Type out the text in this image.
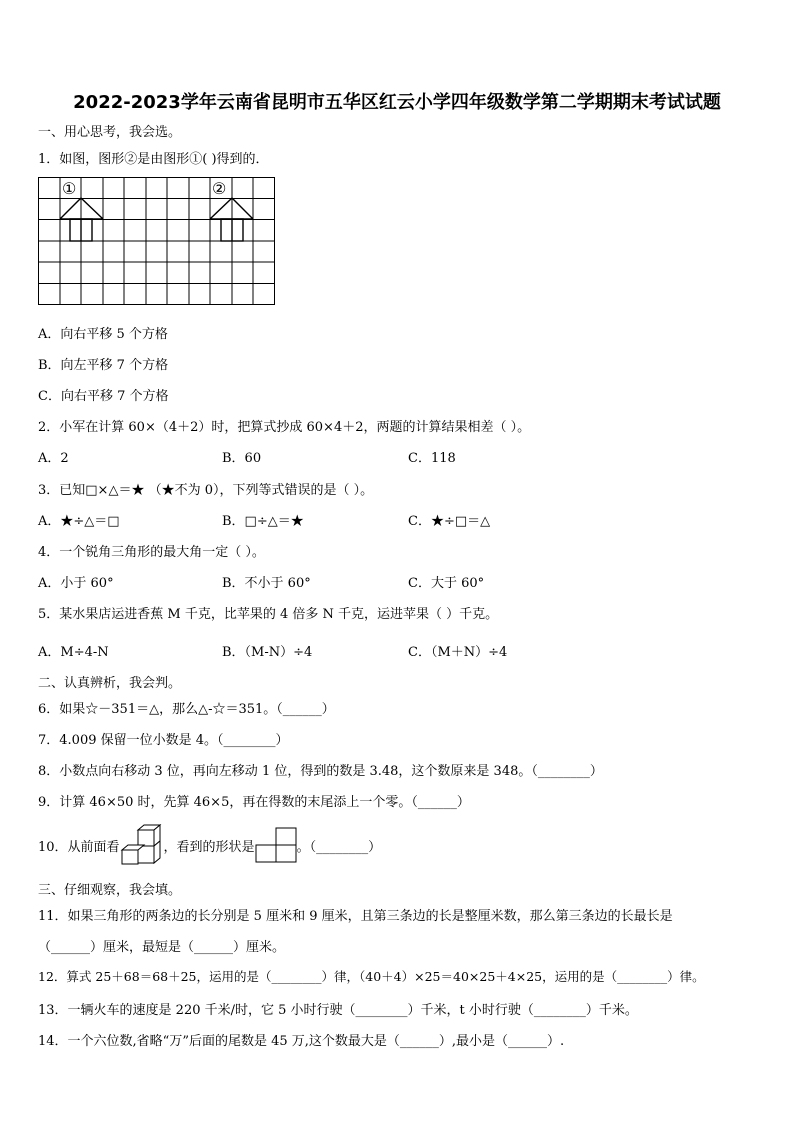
2022-2023学年云南省昆明市五华区红云小学四年级数学第二学期期末考试试题
一、用心思考，我会选。
1．如图，图形②是由图形①( )得到的．
①	②
A．向右平移 5 个方格
B．向左平移 7 个方格
C．向右平移 7 个方格
2．小军在计算 60×（4＋2）时，把算式抄成 60×4＋2，两题的计算结果相差（ ）。
A．2	B．60	C．118
3．已知□×△＝★ （★不为 0），下列等式错误的是（ ）。
A．★÷△＝□	B．□÷△＝★	C．★÷□＝△
4．一个锐角三角形的最大角一定（ ）。
A．小于 60°	B．不小于 60°	C．大于 60°
5．某水果店运进香蕉 M 千克，比苹果的 4 倍多 N 千克，运进苹果（ ）千克。
A．M÷4-N	B．（M-N）÷4	C．（M＋N）÷4
二、认真辨析，我会判。
6．如果☆－351＝△，那么△-☆＝351。（______）
7．4.009 保留一位小数是 4。（________）
8．小数点向右移动 3 位，再向左移动 1 位，得到的数是 3.48，这个数原来是 348。（________）
9．计算 46×50 时，先算 46×5，再在得数的末尾添上一个零。（______）
10．从前面看	，看到的形状是	。（________）
三、仔细观察，我会填。
11．如果三角形的两条边的长分别是 5 厘米和 9 厘米，且第三条边的长是整厘米数，那么第三条边的长最长是
（______）厘米，最短是（______）厘米。
12．算式 25＋68＝68＋25，运用的是（________）律，（40＋4）×25＝40×25＋4×25，运用的是（________）律。
13．一辆火车的速度是 220 千米/时，它 5 小时行驶（________）千米，t 小时行驶（________）千米。
14．一个六位数,省略“万”后面的尾数是 45 万,这个数最大是（______）,最小是（______）.
